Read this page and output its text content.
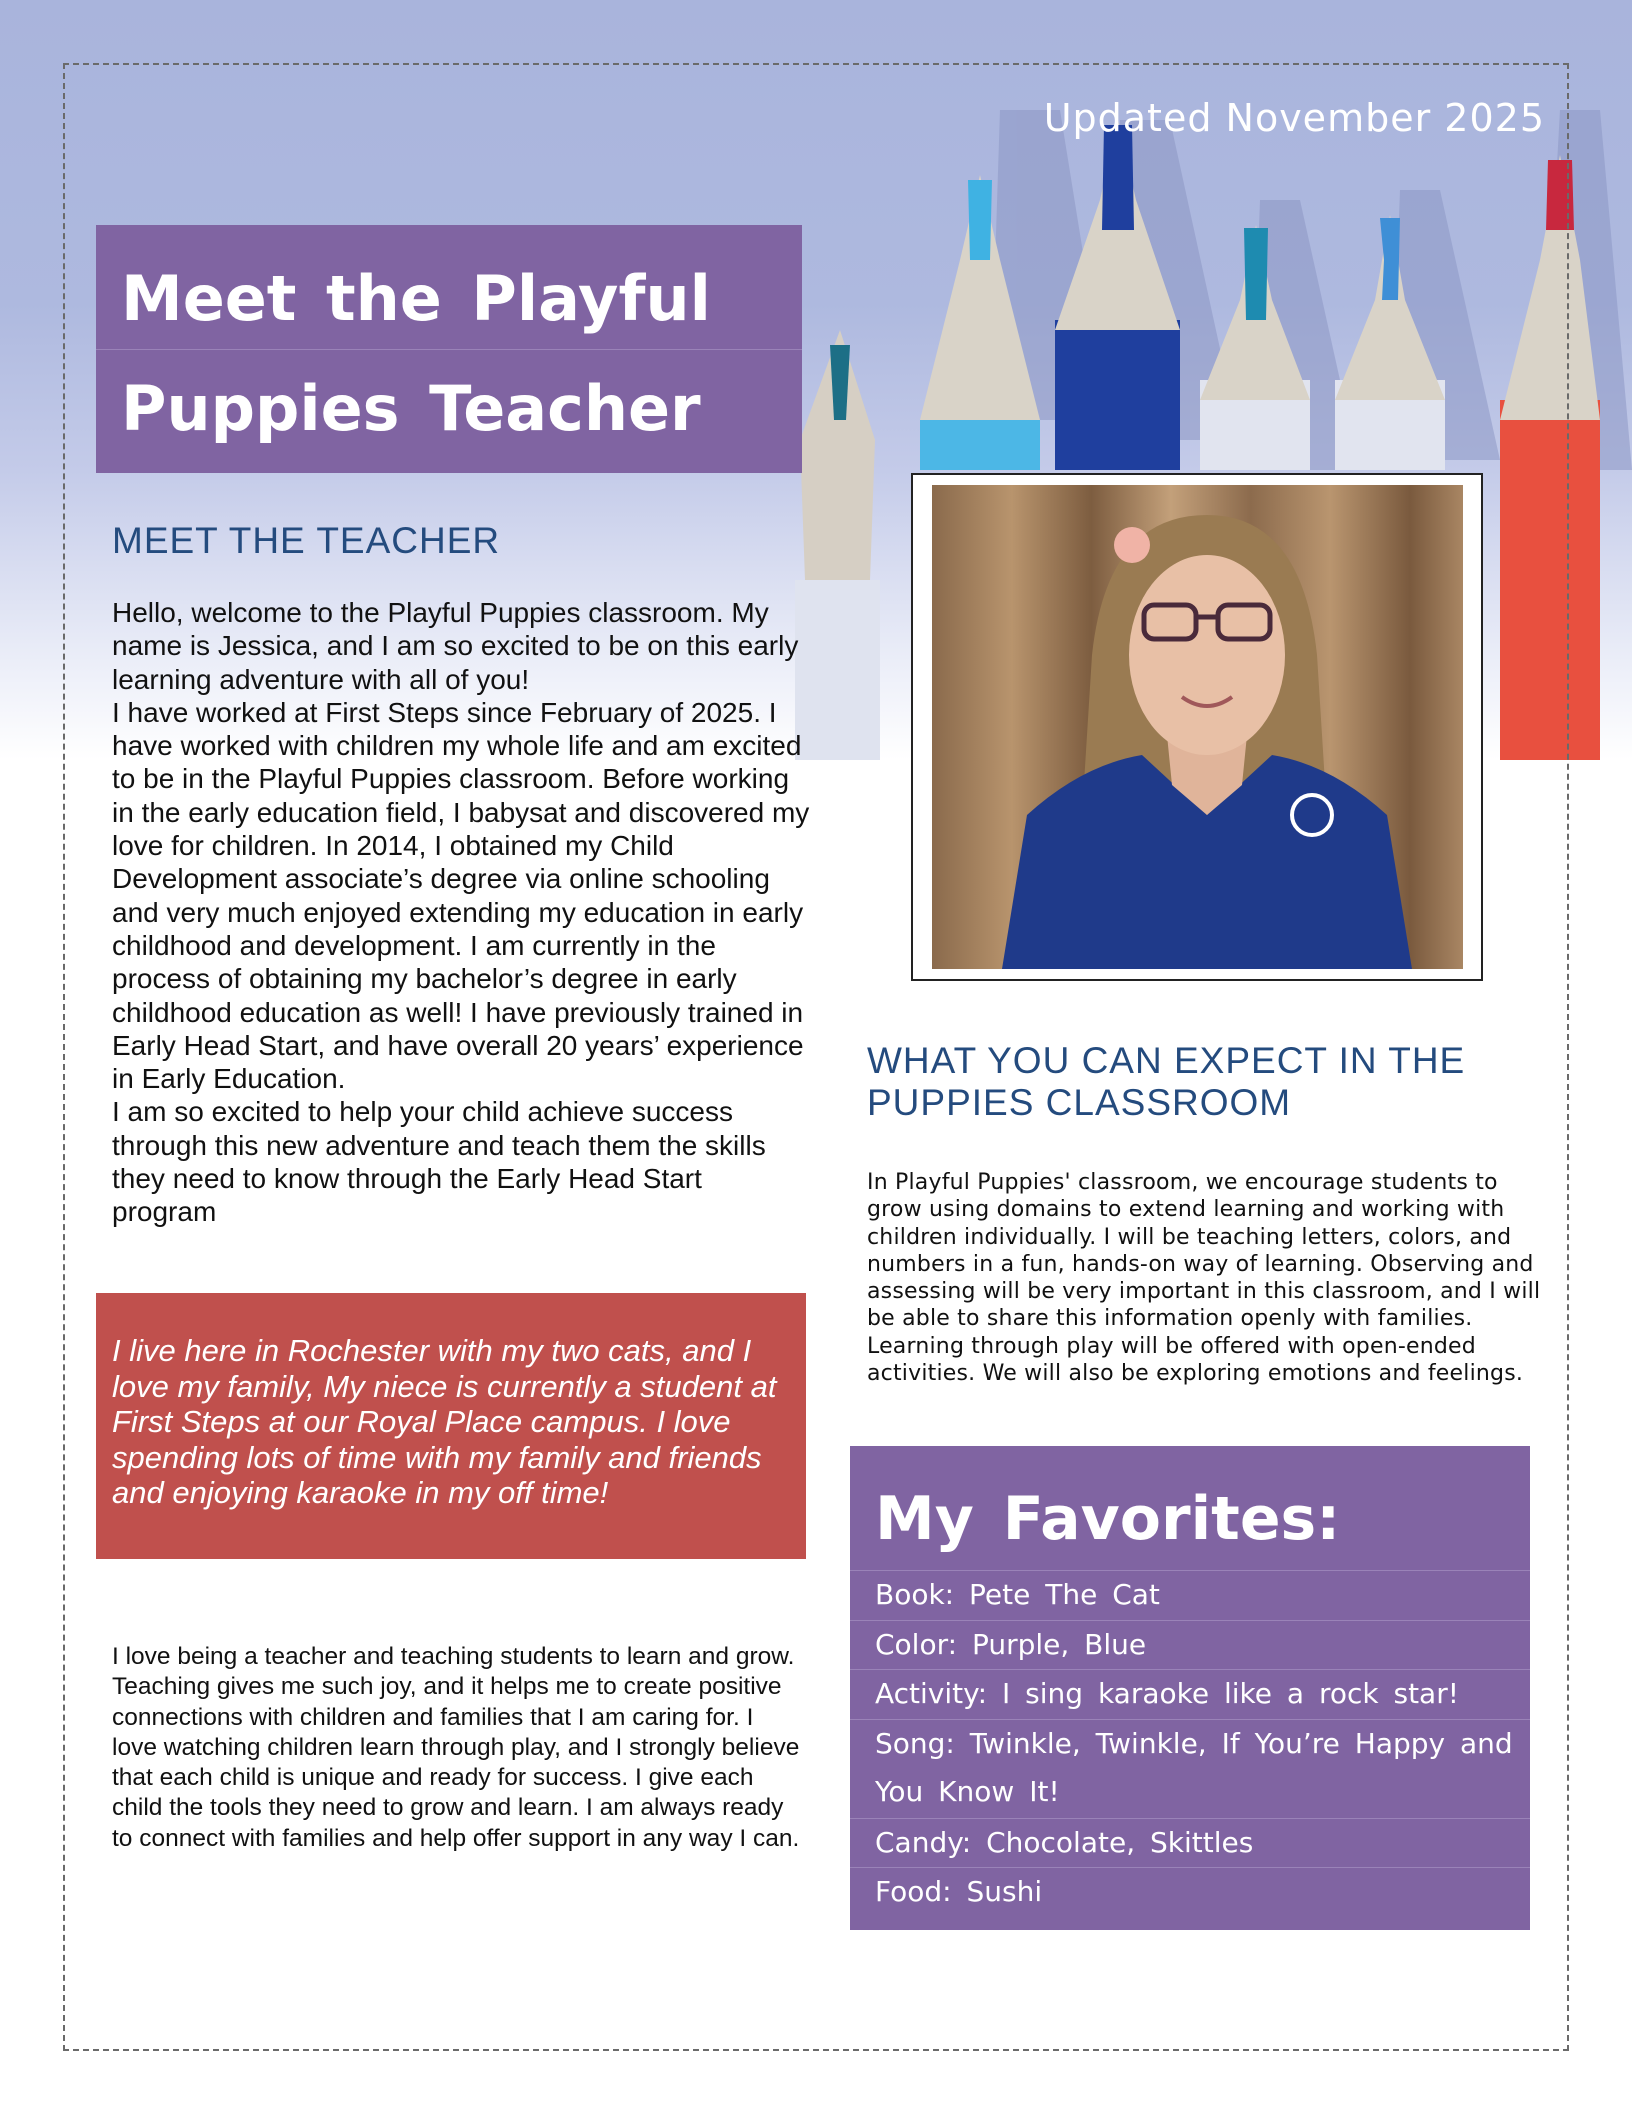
Updated November 2025
Meet the Playful
Puppies Teacher
MEET THE TEACHER

Hello, welcome to the Playful Puppies classroom. My name is Jessica, and I am so excited to be on this early learning adventure with all of you!

I have worked at First Steps since February of 2025. I have worked with children my whole life and am excited to be in the Playful Puppies classroom. Before working in the early education field, I babysat and discovered my love for children. In 2014, I obtained my Child Development associate’s degree via online schooling and very much enjoyed extending my education in early childhood and development. I am currently in the process of obtaining my bachelor’s degree in early childhood education as well! I have previously trained in Early Head Start, and have overall 20 years’ experience in Early Education.

I am so excited to help your child achieve success through this new adventure and teach them the skills they need to know through the Early Head Start program

I live here in Rochester with my two cats, and I love my family, My niece is currently a student at First Steps at our Royal Place campus. I love spending lots of time with my family and friends and enjoying karaoke in my off time!
I love being a teacher and teaching students to learn and grow. Teaching gives me such joy, and it helps me to create positive connections with children and families that I am caring for. I love watching children learn through play, and I strongly believe that each child is unique and ready for success. I give each child the tools they need to grow and learn. I am always ready to connect with families and help offer support in any way I can.
WHAT YOU CAN EXPECT IN THE PUPPIES CLASSROOM
In Playful Puppies' classroom, we encourage students to grow using domains to extend learning and working with children individually. I will be teaching letters, colors, and numbers in a fun, hands-on way of learning. Observing and assessing will be very important in this classroom, and I will be able to share this information openly with families. Learning through play will be offered with open-ended activities. We will also be exploring emotions and feelings.
My Favorites:
Book: Pete The Cat
Color: Purple, Blue
Activity: I sing karaoke like a rock star!
Song: Twinkle, Twinkle, If You’re Happy and You Know It!
Candy: Chocolate, Skittles
Food: Sushi
